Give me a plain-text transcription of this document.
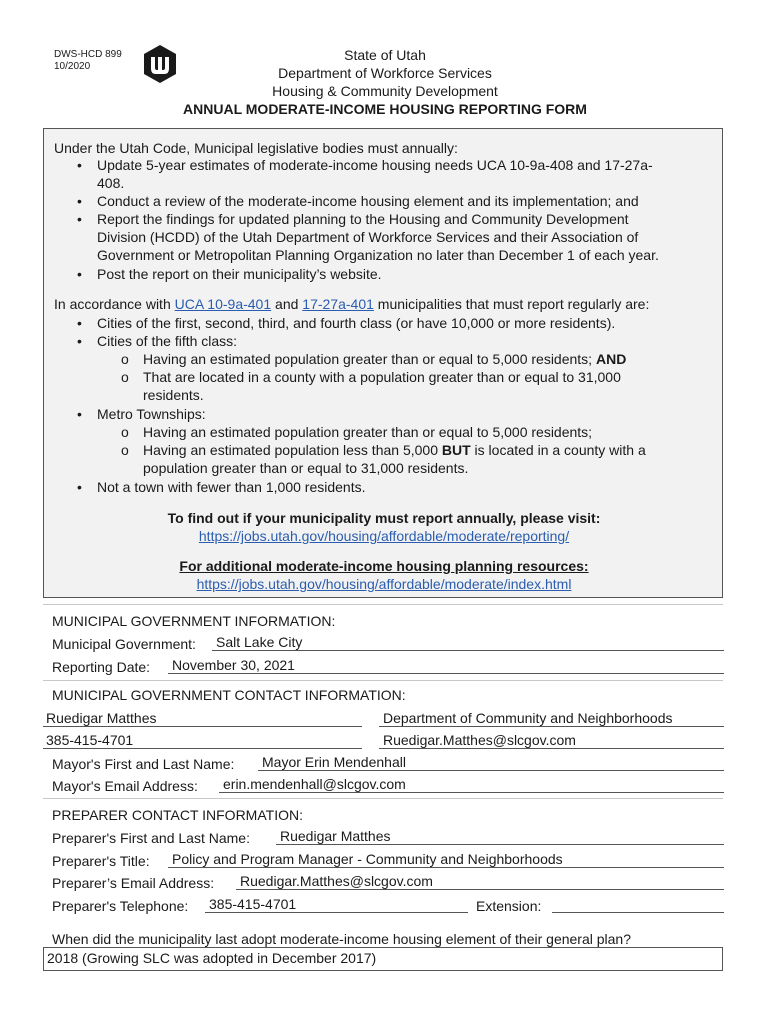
DWS-HCD 899
10/2020
State of Utah
Department of Workforce Services
Housing & Community Development
ANNUAL MODERATE-INCOME HOUSING REPORTING FORM
Under the Utah Code, Municipal legislative bodies must annually:
• Update 5-year estimates of moderate-income housing needs UCA 10-9a-408 and 17-27a-
408.
• Conduct a review of the moderate-income housing element and its implementation; and
• Report the findings for updated planning to the Housing and Community Development
Division (HCDD) of the Utah Department of Workforce Services and their Association of
Government or Metropolitan Planning Organization no later than December 1 of each year.
• Post the report on their municipality’s website.
In accordance with UCA 10-9a-401 and 17-27a-401 municipalities that must report regularly are:
• Cities of the first, second, third, and fourth class (or have 10,000 or more residents).
• Cities of the fifth class:
o Having an estimated population greater than or equal to 5,000 residents; AND
o That are located in a county with a population greater than or equal to 31,000
residents.
• Metro Townships:
o Having an estimated population greater than or equal to 5,000 residents;
o Having an estimated population less than 5,000 BUT is located in a county with a
population greater than or equal to 31,000 residents.
• Not a town with fewer than 1,000 residents.
To find out if your municipality must report annually, please visit:
https://jobs.utah.gov/housing/affordable/moderate/reporting/
For additional moderate-income housing planning resources:
https://jobs.utah.gov/housing/affordable/moderate/index.html
MUNICIPAL GOVERNMENT INFORMATION:
Municipal Government: Salt Lake City
Reporting Date: November 30, 2021
MUNICIPAL GOVERNMENT CONTACT INFORMATION:
Ruedigar Matthes	Department of Community and Neighborhoods
385-415-4701	Ruedigar.Matthes@slcgov.com
Mayor's First and Last Name: Mayor Erin Mendenhall
Mayor's Email Address: erin.mendenhall@slcgov.com
PREPARER CONTACT INFORMATION:
Preparer's First and Last Name: Ruedigar Matthes
Preparer's Title: Policy and Program Manager - Community and Neighborhoods
Preparer’s Email Address: Ruedigar.Matthes@slcgov.com
Preparer's Telephone: 385-415-4701	Extension:
When did the municipality last adopt moderate-income housing element of their general plan?
2018 (Growing SLC was adopted in December 2017)
